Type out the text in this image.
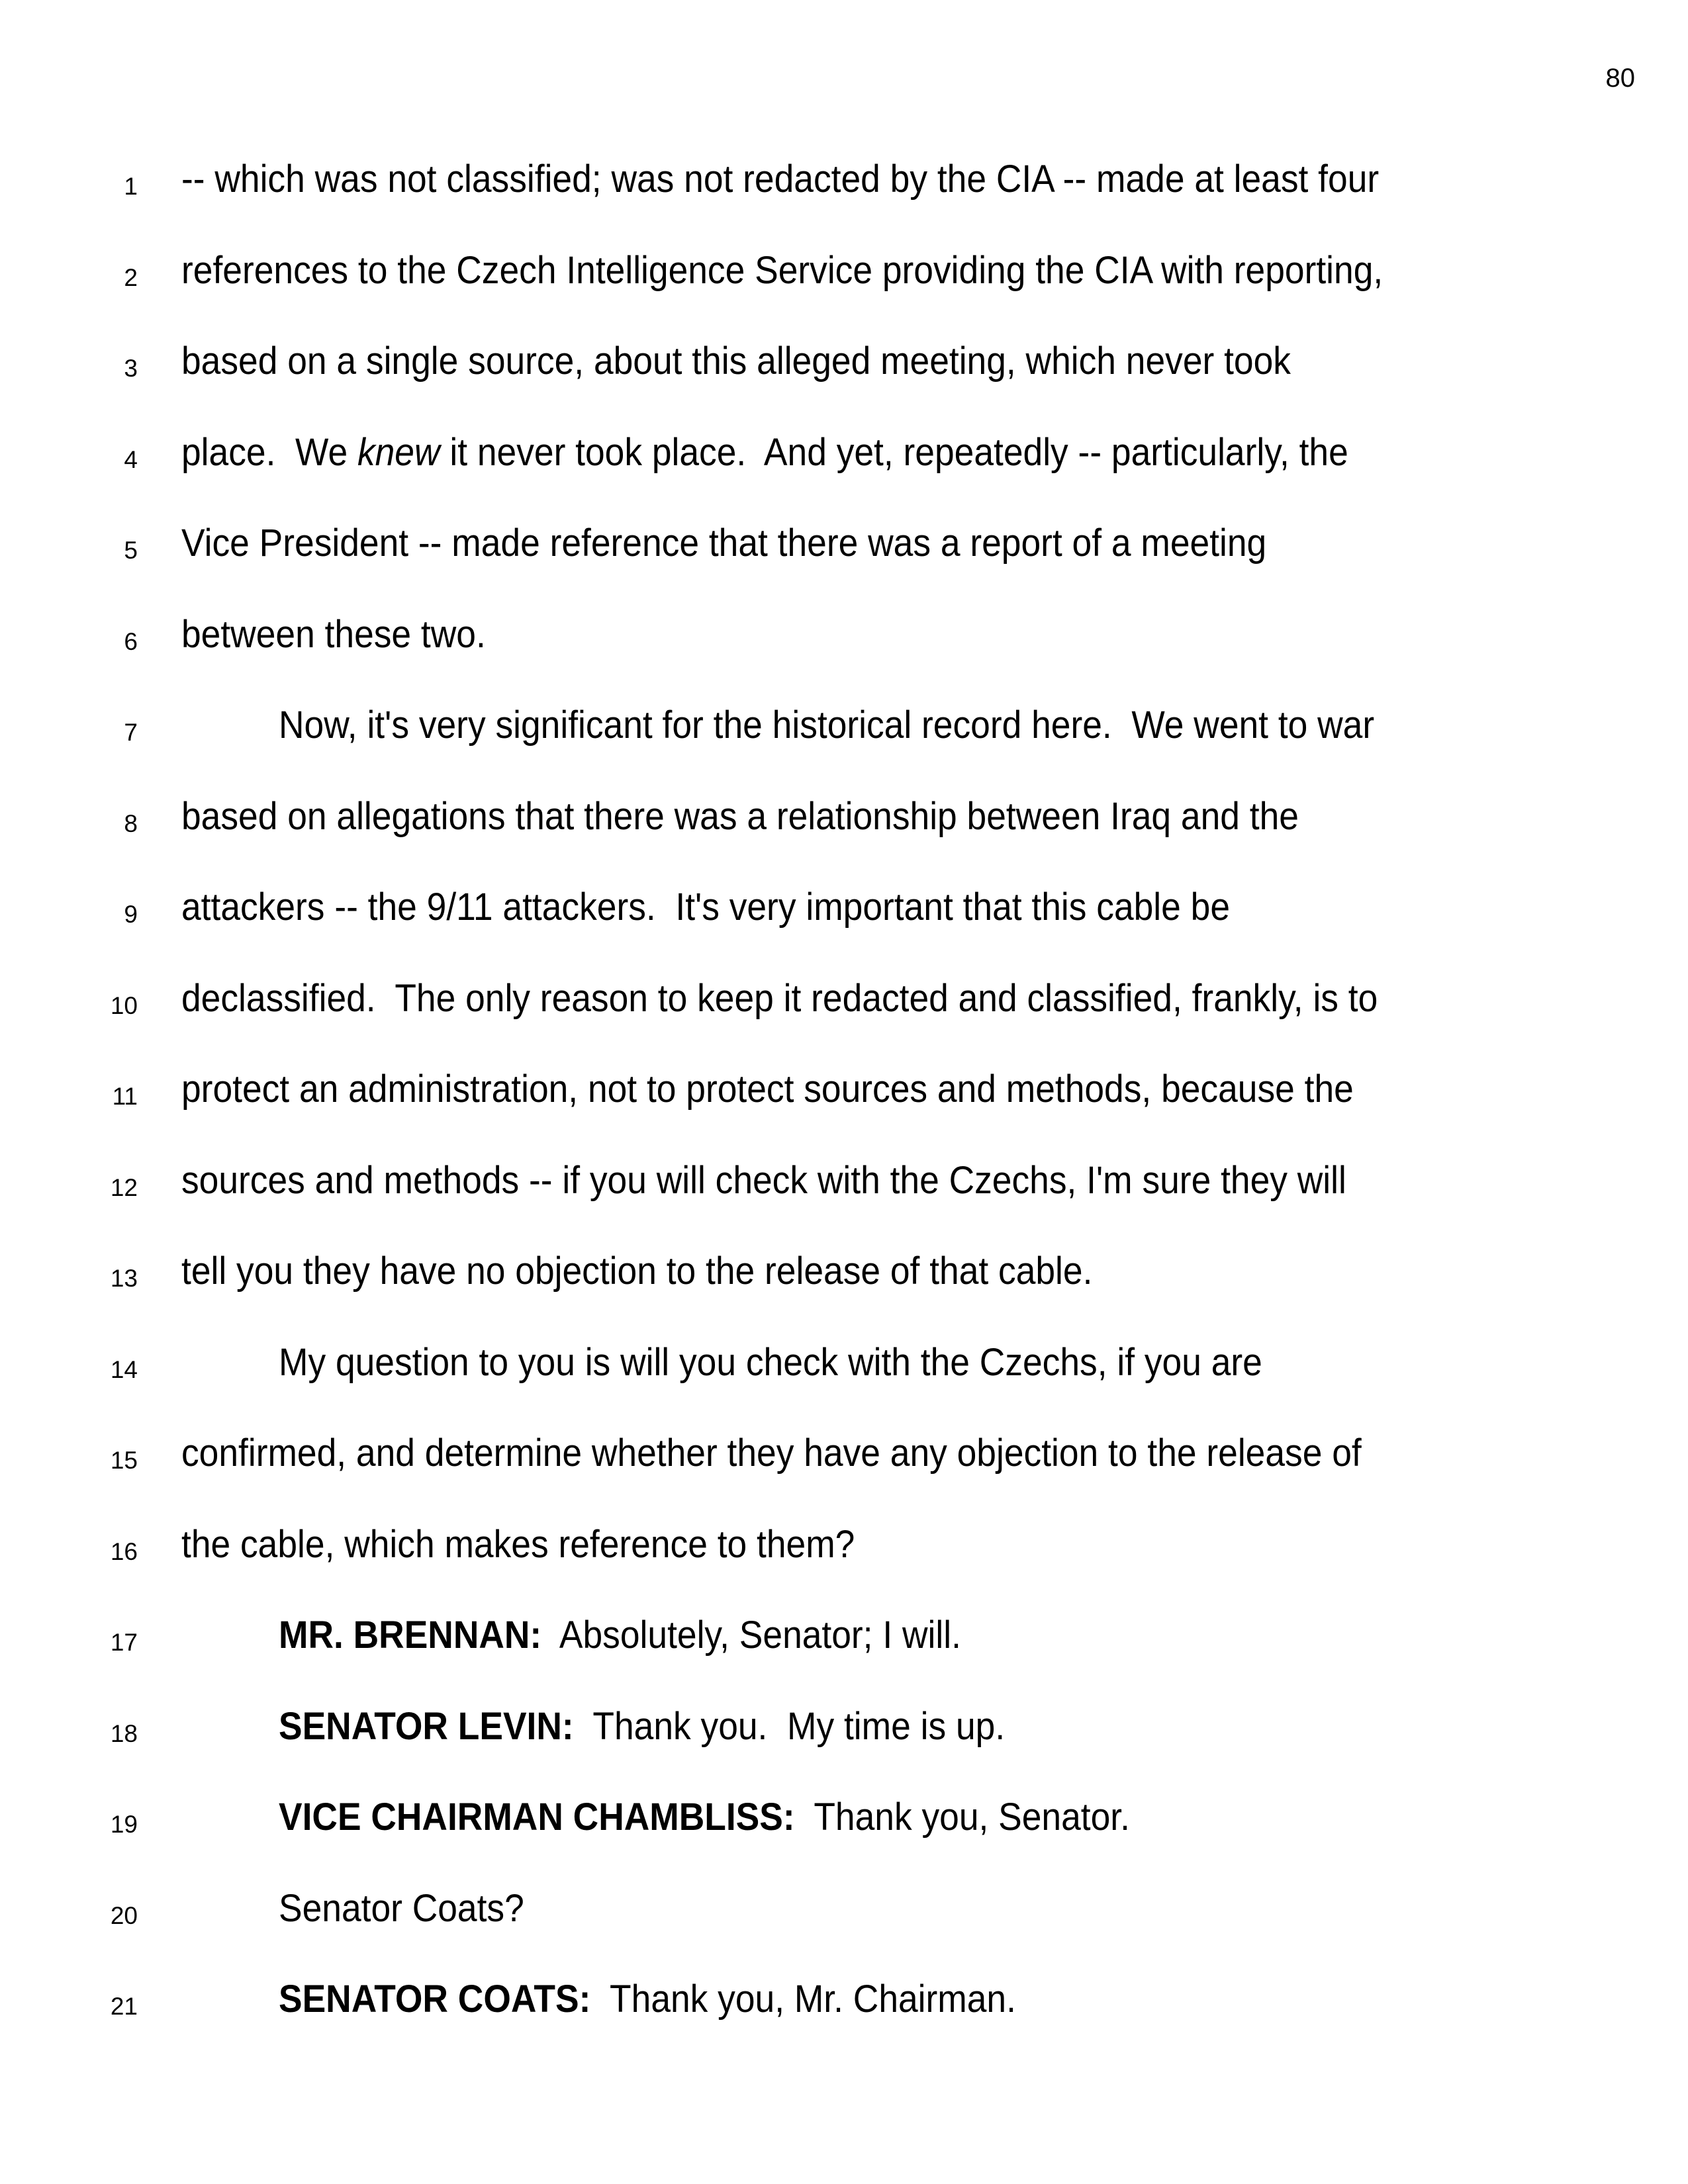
80
1 -- which was not classified; was not redacted by the CIA -- made at least four
2 references to the Czech Intelligence Service providing the CIA with reporting,
3 based on a single source, about this alleged meeting, which never took
4 place.  We knew it never took place.  And yet, repeatedly -- particularly, the
5 Vice President -- made reference that there was a report of a meeting
6 between these two.
7	Now, it's very significant for the historical record here.  We went to war
8 based on allegations that there was a relationship between Iraq and the
9 attackers -- the 9/11 attackers.  It's very important that this cable be
10 declassified.  The only reason to keep it redacted and classified, frankly, is to
11 protect an administration, not to protect sources and methods, because the
12 sources and methods -- if you will check with the Czechs, I'm sure they will
13 tell you they have no objection to the release of that cable.
14	My question to you is will you check with the Czechs, if you are
15 confirmed, and determine whether they have any objection to the release of
16 the cable, which makes reference to them?
17	MR. BRENNAN:  Absolutely, Senator; I will.
18	SENATOR LEVIN:  Thank you.  My time is up.
19	VICE CHAIRMAN CHAMBLISS:  Thank you, Senator.
20	Senator Coats?
21	SENATOR COATS:  Thank you, Mr. Chairman.
